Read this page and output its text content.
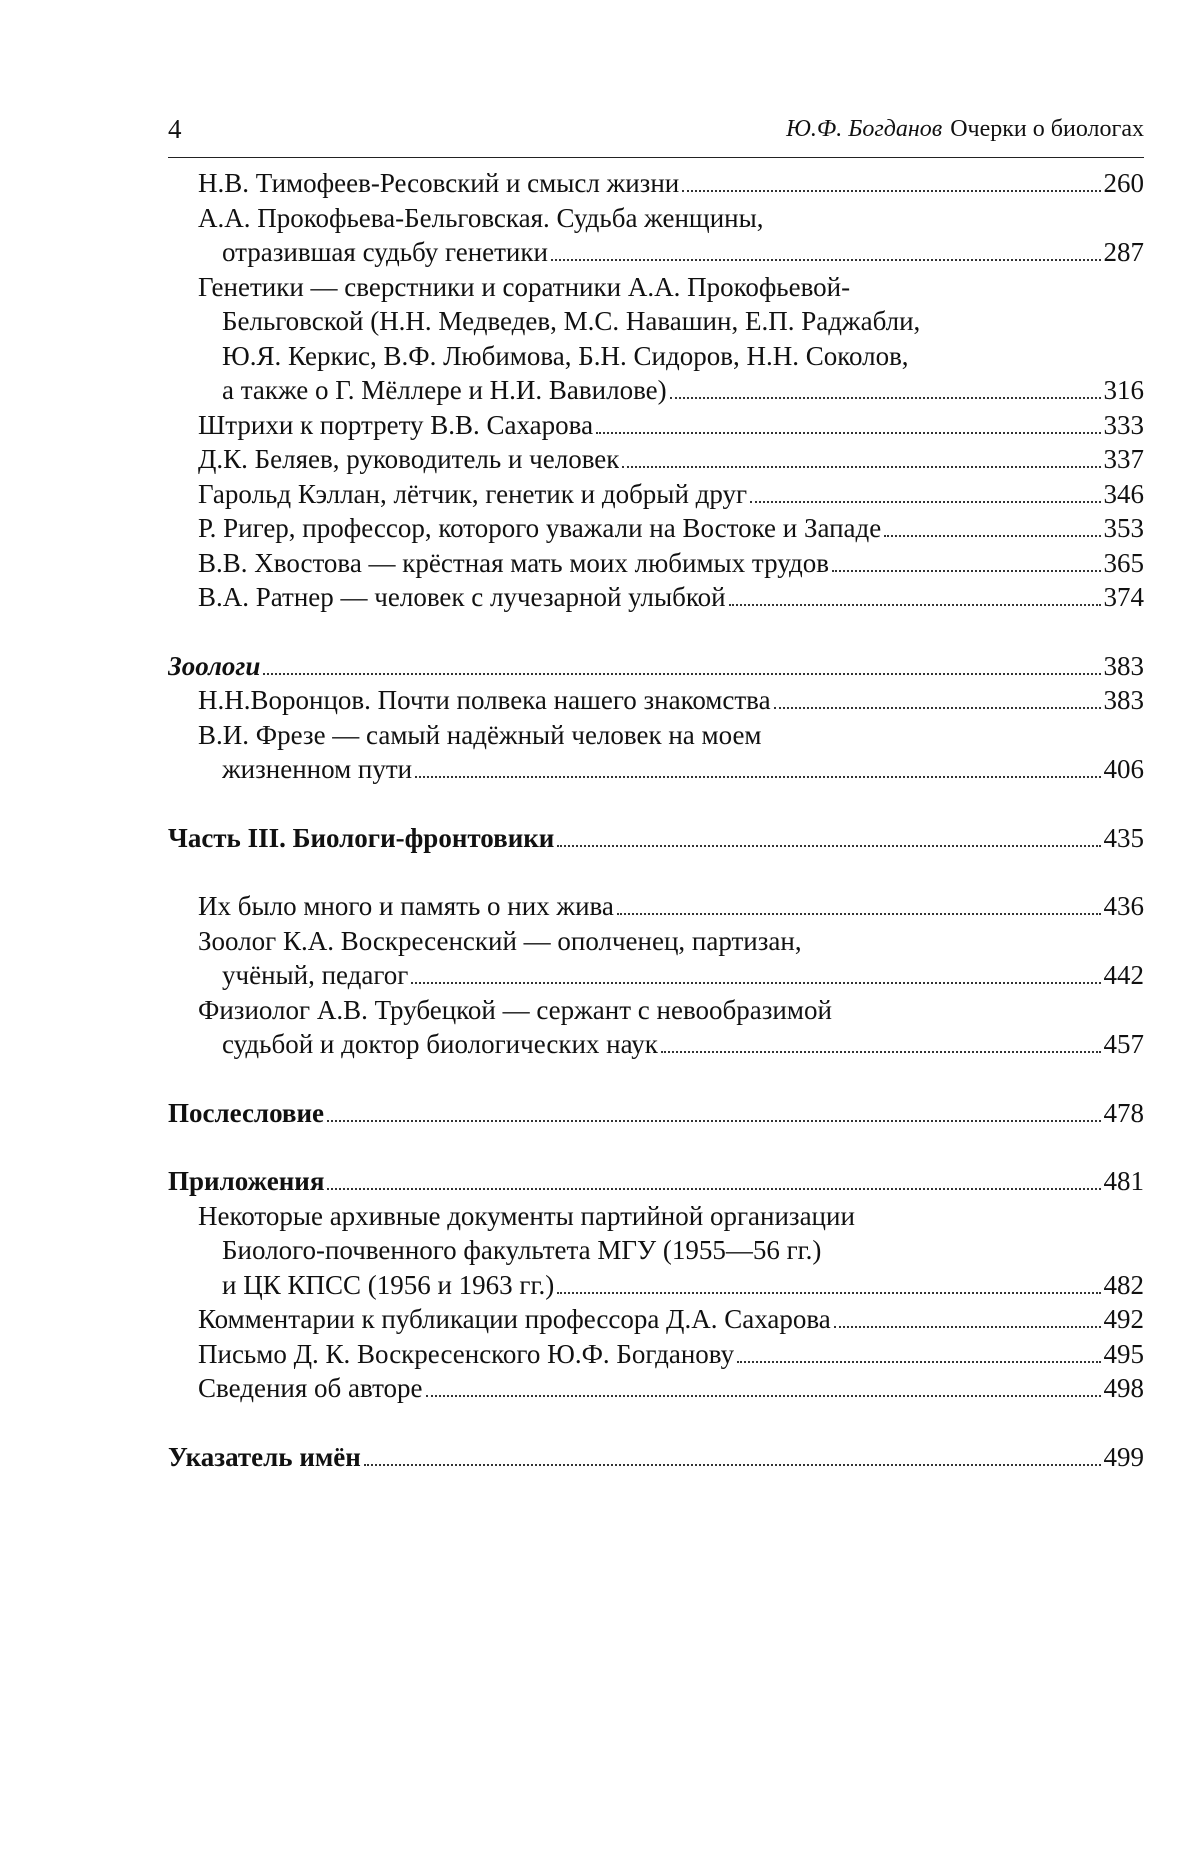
4	Ю.Ф. Богданов Очерки о биологах
Н.В. Тимофеев-Ресовский и смысл жизни	260
А.А. Прокофьева-Бельговская. Судьба женщины,
отразившая судьбу генетики	287
Генетики — сверстники и соратники А.А. Прокофьевой-
Бельговской (Н.Н. Медведев, М.С. Навашин, Е.П. Раджабли,
Ю.Я. Керкис, В.Ф. Любимова, Б.Н. Сидоров, Н.Н. Соколов,
а также о Г. Мёллере и Н.И. Вавилове)	316
Штрихи к портрету В.В. Сахарова	333
Д.К. Беляев, руководитель и человек	337
Гарольд Кэллан, лётчик, генетик и добрый друг	346
Р. Ригер, профессор, которого уважали на Востоке и Западе	353
В.В. Хвостова — крёстная мать моих любимых трудов	365
В.А. Ратнер — человек с лучезарной улыбкой	374
Зоологи	383
Н.Н.Воронцов. Почти полвека нашего знакомства	383
В.И. Фрезе — самый надёжный человек на моем
жизненном пути	406
Часть III. Биологи-фронтовики	435
Их было много и память о них жива	436
Зоолог К.А. Воскресенский — ополченец, партизан,
учёный, педагог	442
Физиолог А.В. Трубецкой — сержант с невообразимой
судьбой и доктор биологических наук	457
Послесловие	478
Приложения	481
Некоторые архивные документы партийной организации
Биолого-почвенного факультета МГУ (1955—56 гг.)
и ЦК КПСС (1956 и 1963 гг.)	482
Комментарии к публикации профессора Д.А. Сахарова	492
Письмо Д. К. Воскресенского Ю.Ф. Богданову	495
Сведения об авторе	498
Указатель имён	499
